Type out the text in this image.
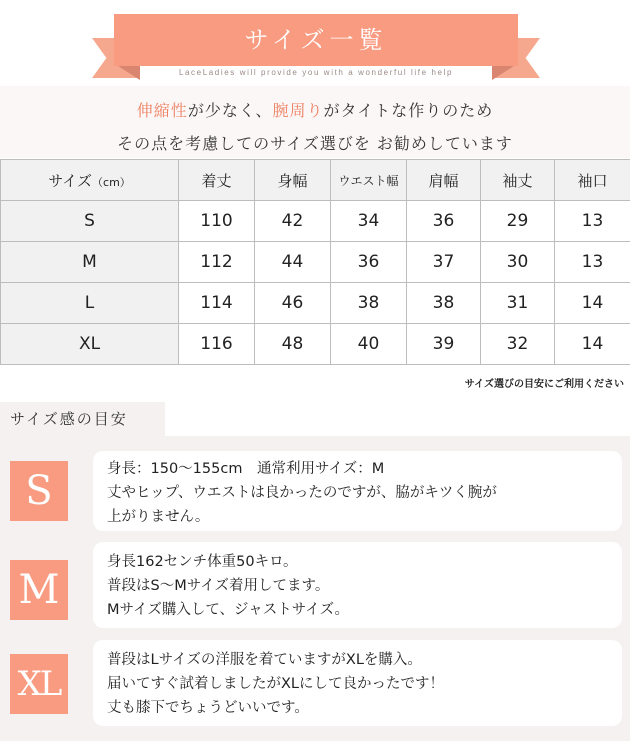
サイズ一覧
LaceLadies will provide you with a wonderful life help

伸縮性が少なく、腕周りがタイトな作りのため

その点を考慮してのサイズ選びを お勧めしています

サイズ（cm）	着丈	身幅	ウエスト幅	肩幅	袖丈	袖口
S	110	42	34	36	29	13
M	112	44	36	37	30	13
L	114	46	38	38	31	14
XL	116	48	40	39	32	14
サイズ選びの目安にご利用ください
サイズ感の目安
S	身長：150〜155cm　通常利用サイズ：M
丈やヒップ、ウエストは良かったのですが、脇がキツく腕が
上がりません。
M
身長162センチ体重50キロ。
普段はS〜Mサイズ着用してます。
Mサイズ購入して、ジャストサイズ。
XL
普段はLサイズの洋服を着ていますがXLを購入。
届いてすぐ試着しましたがXLにして良かったです！
丈も膝下でちょうどいいです。
